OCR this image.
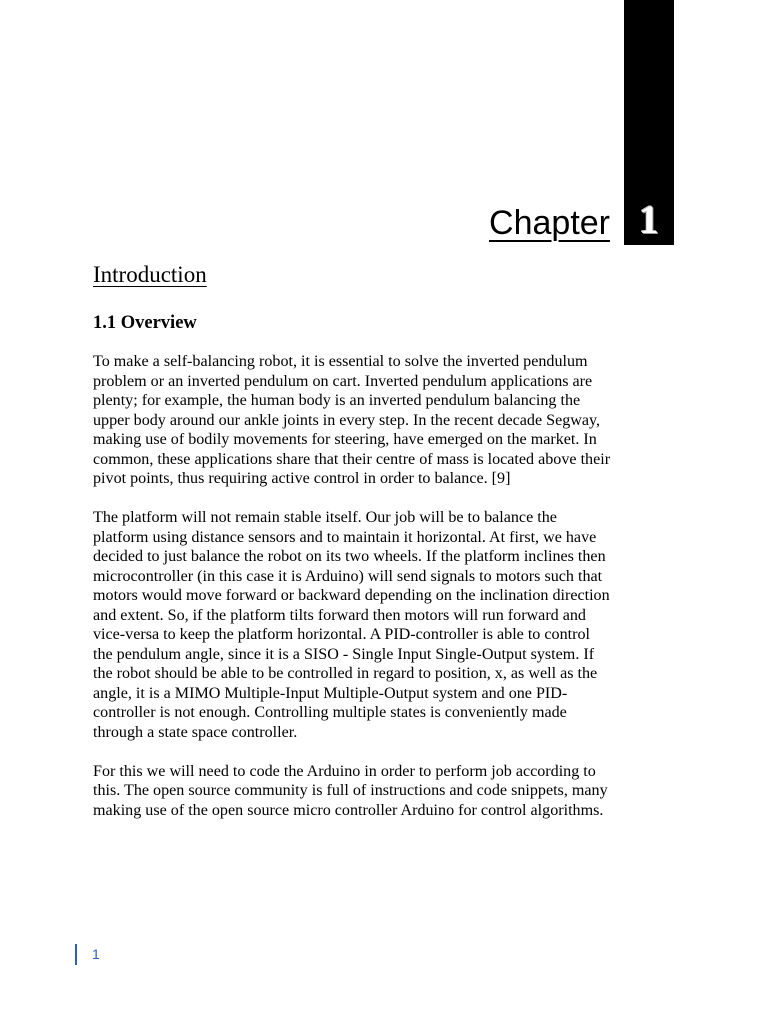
1
Chapter
Introduction
1.1 Overview

To make a self-balancing robot, it is essential to solve the inverted pendulum
problem or an inverted pendulum on cart. Inverted pendulum applications are
plenty; for example, the human body is an inverted pendulum balancing the
upper body around our ankle joints in every step. In the recent decade Segway,
making use of bodily movements for steering, have emerged on the market. In
common, these applications share that their centre of mass is located above their
pivot points, thus requiring active control in order to balance. [9]

The platform will not remain stable itself. Our job will be to balance the
platform using distance sensors and to maintain it horizontal. At first, we have
decided to just balance the robot on its two wheels. If the platform inclines then
microcontroller (in this case it is Arduino) will send signals to motors such that
motors would move forward or backward depending on the inclination direction
and extent. So, if the platform tilts forward then motors will run forward and
vice-versa to keep the platform horizontal. A PID-controller is able to control
the pendulum angle, since it is a SISO - Single Input Single-Output system. If
the robot should be able to be controlled in regard to position, x, as well as the
angle, it is a MIMO Multiple-Input Multiple-Output system and one PID-
controller is not enough. Controlling multiple states is conveniently made
through a state space controller.

For this we will need to code the Arduino in order to perform job according to
this. The open source community is full of instructions and code snippets, many
making use of the open source micro controller Arduino for control algorithms.

1
